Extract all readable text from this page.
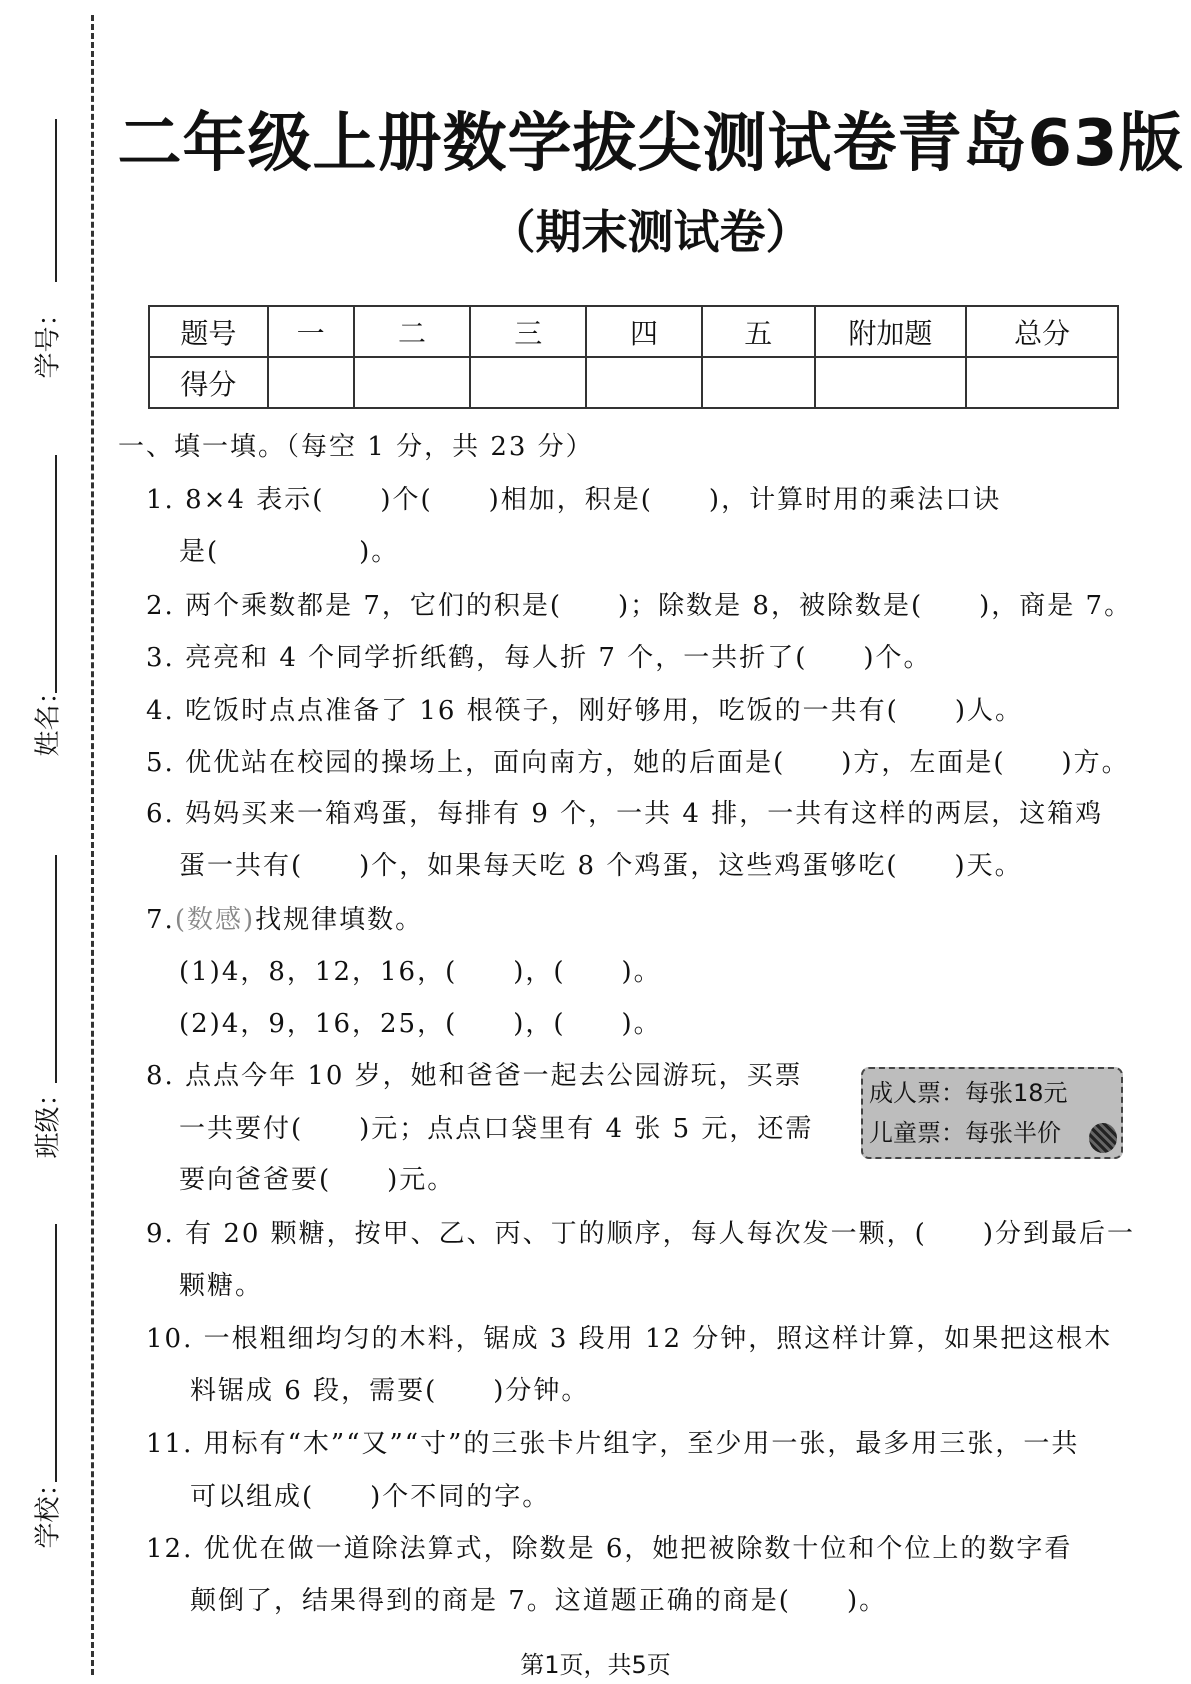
学号：
姓名：
班级：
学校：
二年级上册数学拔尖测试卷青岛63版
（期末测试卷）
题号	一	二	三	四	五	附加题	总分
得分							
一、填一填。（每空 1 分，共 23 分）
1. 8×4 表示(　　)个(　　)相加，积是(　　)，计算时用的乘法口诀
是(　　　　　)。
2. 两个乘数都是 7，它们的积是(　　)；除数是 8，被除数是(　　)，商是 7。
3. 亮亮和 4 个同学折纸鹤，每人折 7 个，一共折了(　　)个。
4. 吃饭时点点准备了 16 根筷子，刚好够用，吃饭的一共有(　　)人。
5. 优优站在校园的操场上，面向南方，她的后面是(　　)方，左面是(　　)方。
6. 妈妈买来一箱鸡蛋，每排有 9 个，一共 4 排，一共有这样的两层，这箱鸡
蛋一共有(　　)个，如果每天吃 8 个鸡蛋，这些鸡蛋够吃(　　)天。
7.(数感)找规律填数。
(1)4，8，12，16，(　　)，(　　)。
(2)4，9，16，25，(　　)，(　　)。
8. 点点今年 10 岁，她和爸爸一起去公园游玩，买票
一共要付(　　)元；点点口袋里有 4 张 5 元，还需
要向爸爸要(　　)元。
成人票：每张18元
儿童票：每张半价
9. 有 20 颗糖，按甲、乙、丙、丁的顺序，每人每次发一颗，(　　)分到最后一
颗糖。
10. 一根粗细均匀的木料，锯成 3 段用 12 分钟，照这样计算，如果把这根木
料锯成 6 段，需要(　　)分钟。
11. 用标有“木”“又”“寸”的三张卡片组字，至少用一张，最多用三张，一共
可以组成(　　)个不同的字。
12. 优优在做一道除法算式，除数是 6，她把被除数十位和个位上的数字看
颠倒了，结果得到的商是 7。这道题正确的商是(　　)。
第1页，共5页
